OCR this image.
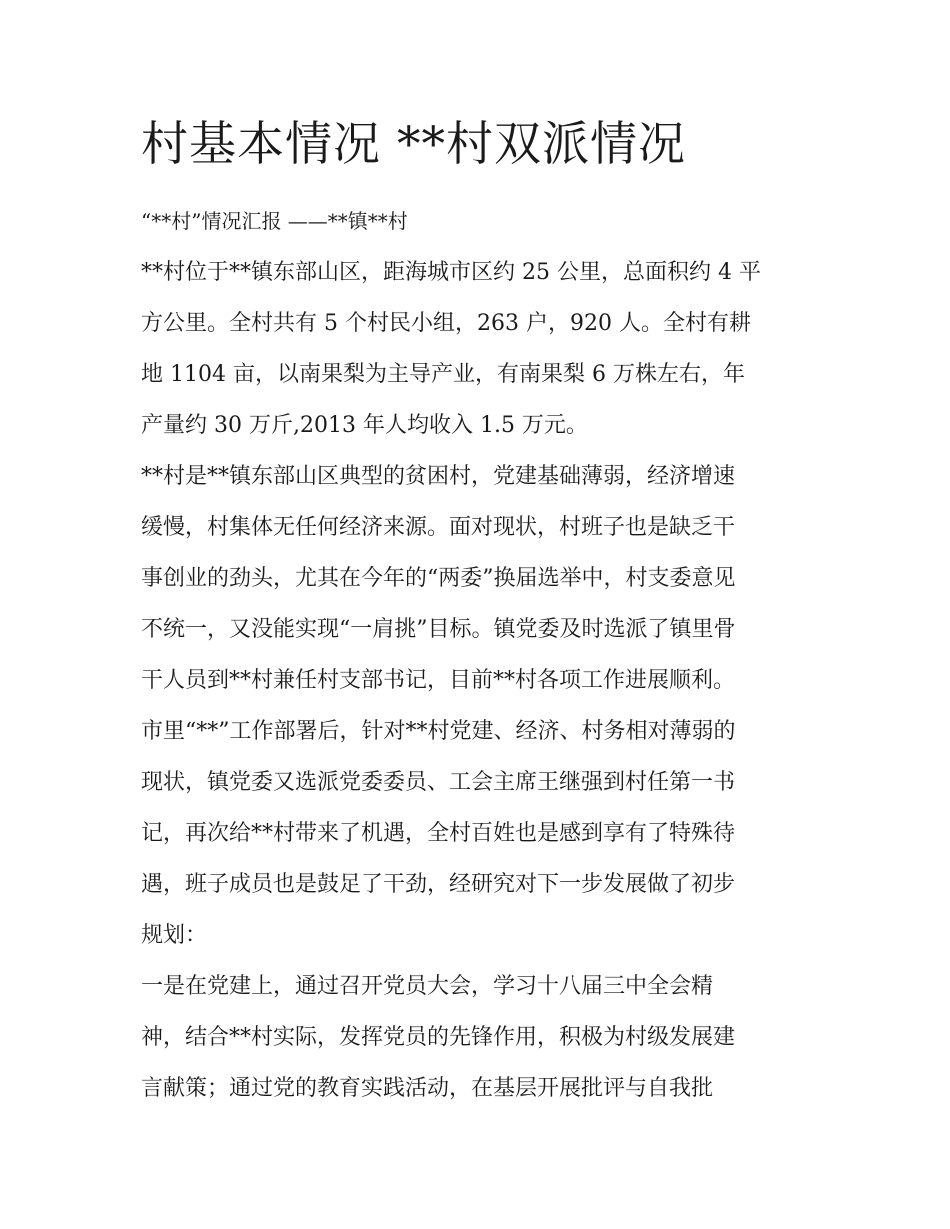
村基本情况 **村双派情况
“**村”情况汇报 ——**镇**村
**村位于**镇东部山区，距海城市区约 25 公里，总面积约 4 平
方公里。全村共有 5 个村民小组，263 户，920 人。全村有耕
地 1104 亩，以南果梨为主导产业，有南果梨 6 万株左右，年
产量约 30 万斤,2013 年人均收入 1.5 万元。
**村是**镇东部山区典型的贫困村，党建基础薄弱，经济增速
缓慢，村集体无任何经济来源。面对现状，村班子也是缺乏干
事创业的劲头，尤其在今年的“两委”换届选举中，村支委意见
不统一，又没能实现“一肩挑”目标。镇党委及时选派了镇里骨
干人员到**村兼任村支部书记，目前**村各项工作进展顺利。
市里“**”工作部署后，针对**村党建、经济、村务相对薄弱的
现状，镇党委又选派党委委员、工会主席王继强到村任第一书
记，再次给**村带来了机遇，全村百姓也是感到享有了特殊待
遇，班子成员也是鼓足了干劲，经研究对下一步发展做了初步
规划：
一是在党建上，通过召开党员大会，学习十八届三中全会精
神，结合**村实际，发挥党员的先锋作用，积极为村级发展建
言献策；通过党的教育实践活动，在基层开展批评与自我批
